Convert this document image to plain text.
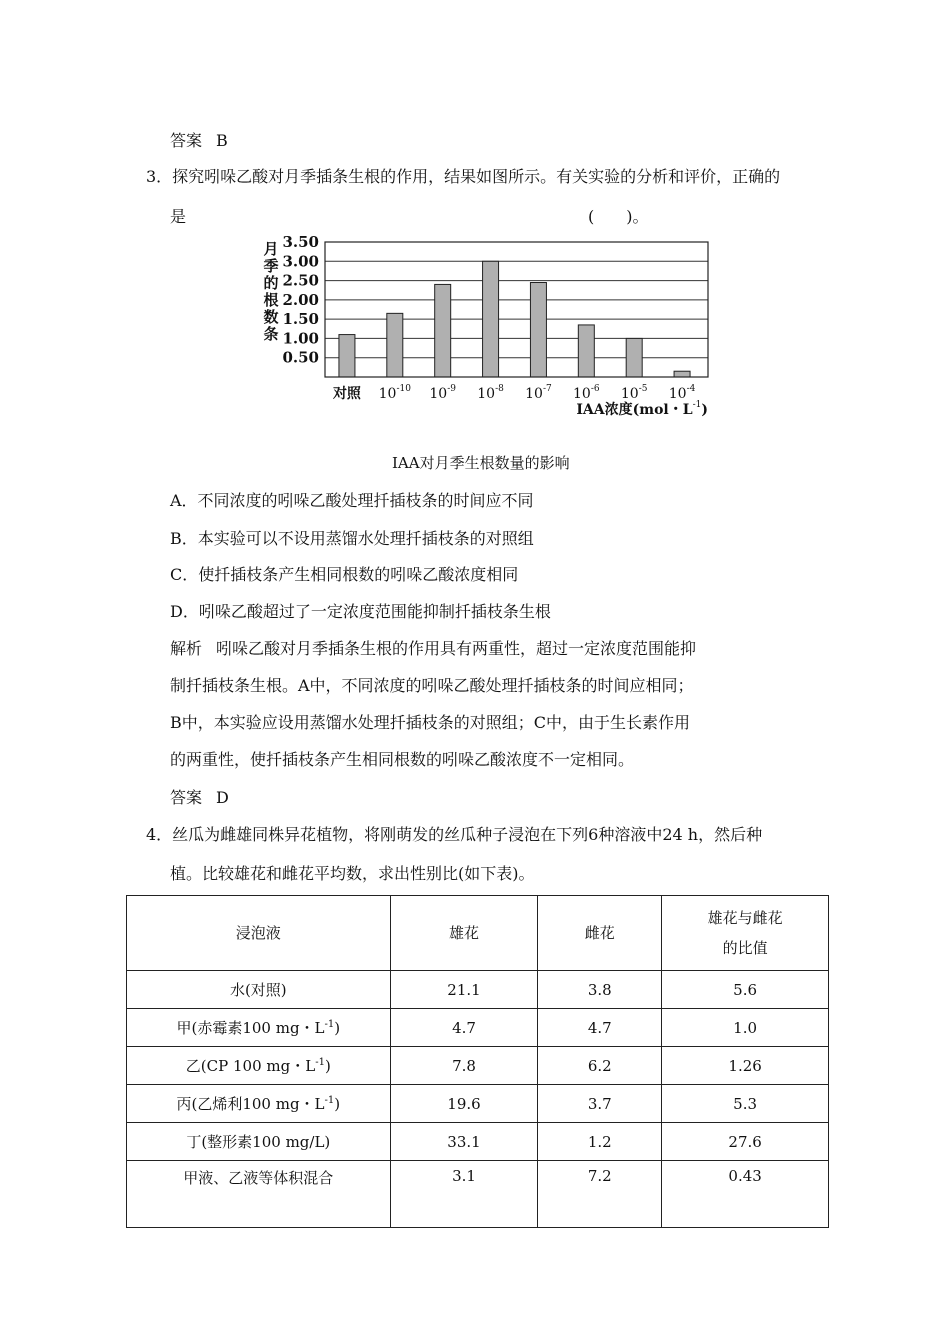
答案 B
3．探究吲哚乙酸对月季插条生根的作用，结果如图所示。有关实验的分析和评价，正确的
是	(　　)。
月
季
的
根
数
条
0.50
1.00
1.50
2.00
2.50
3.00
3.50
对照 $10^{-10}$ $10^{-9}$ $10^{-8}$ $10^{-7}$ $10^{-6}$ $10^{-5}$ $10^{-4}$
IAA浓度(mol・$L^{-1}$)
IAA对月季生根数量的影响
A．不同浓度的吲哚乙酸处理扦插枝条的时间应不同
B．本实验可以不设用蒸馏水处理扦插枝条的对照组
C．使扦插枝条产生相同根数的吲哚乙酸浓度相同
D．吲哚乙酸超过了一定浓度范围能抑制扦插枝条生根
解析 吲哚乙酸对月季插条生根的作用具有两重性，超过一定浓度范围能抑
制扦插枝条生根。A中，不同浓度的吲哚乙酸处理扦插枝条的时间应相同；
B中，本实验应设用蒸馏水处理扦插枝条的对照组；C中，由于生长素作用
的两重性，使扦插枝条产生相同根数的吲哚乙酸浓度不一定相同。
答案 D
4．丝瓜为雌雄同株异花植物，将刚萌发的丝瓜种子浸泡在下列6种溶液中24 h，然后种
植。比较雄花和雌花平均数，求出性别比(如下表)。
浸泡液	雄花	雌花	雄花与雌花
的比值
水(对照)	21.1	3.8	5.6
甲(赤霉素100 mg・$L^{-1}$)	4.7	4.7	1.0
乙(CP 100 mg・$L^{-1}$)	7.8	6.2	1.26
丙(乙烯利100 mg・$L^{-1}$)	19.6	3.7	5.3
丁(整形素100 mg/L)	33.1	1.2	27.6
甲液、乙液等体积混合	3.1	7.2	0.43
